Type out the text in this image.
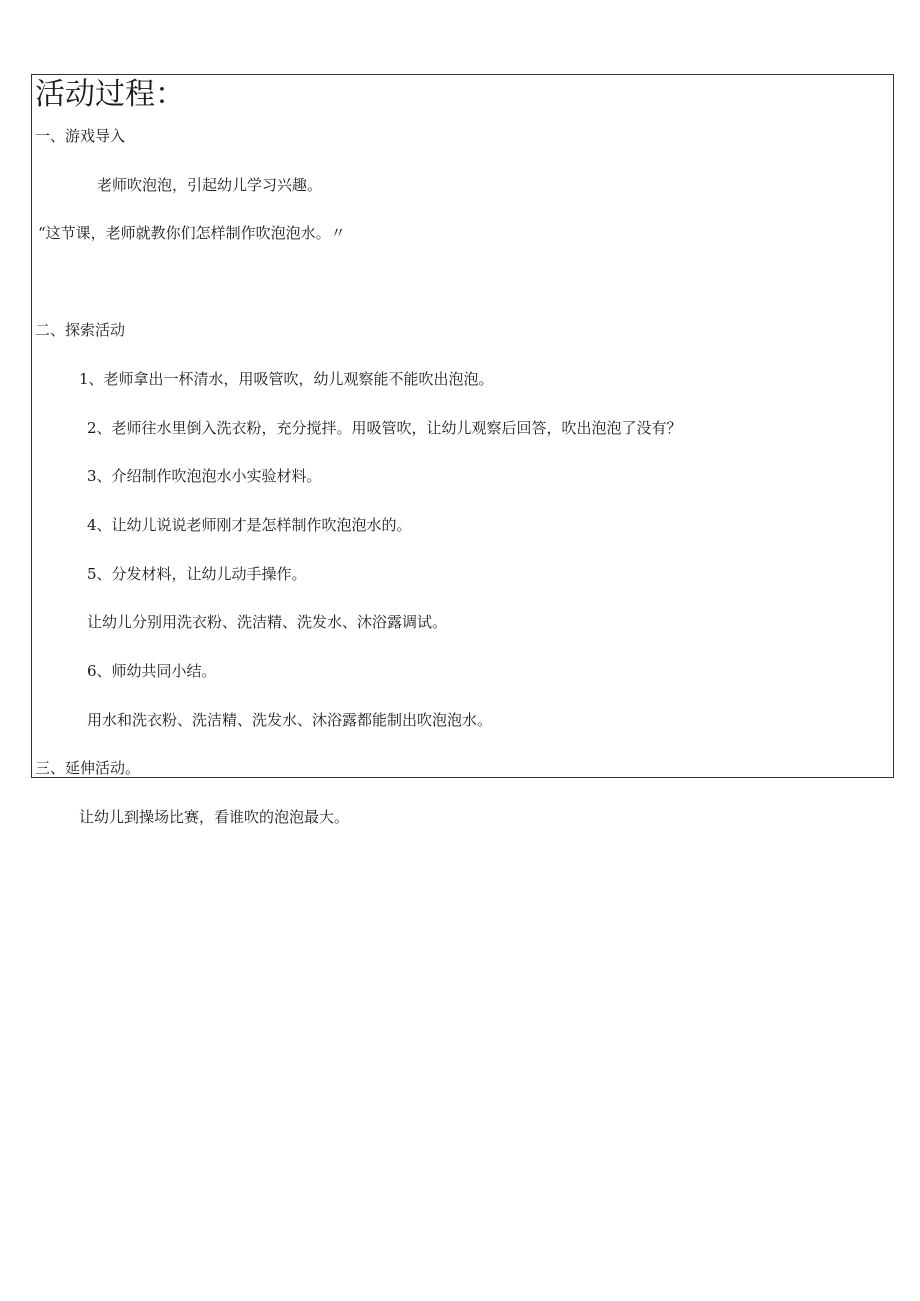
活动过程：
一、游戏导入
老师吹泡泡，引起幼儿学习兴趣。
“这节课，老师就教你们怎样制作吹泡泡水。〃
二、探索活动
1、老师拿出一杯清水，用吸管吹，幼儿观察能不能吹出泡泡。
2、老师往水里倒入洗衣粉，充分搅拌。用吸管吹，让幼儿观察后回答，吹出泡泡了没有？
3、介绍制作吹泡泡水小实验材料。
4、让幼儿说说老师刚才是怎样制作吹泡泡水的。
5、分发材料，让幼儿动手操作。
让幼儿分别用洗衣粉、洗洁精、洗发水、沐浴露调试。
6、师幼共同小结。
用水和洗衣粉、洗洁精、洗发水、沐浴露都能制出吹泡泡水。
三、延伸活动。
让幼儿到操场比赛，看谁吹的泡泡最大。
